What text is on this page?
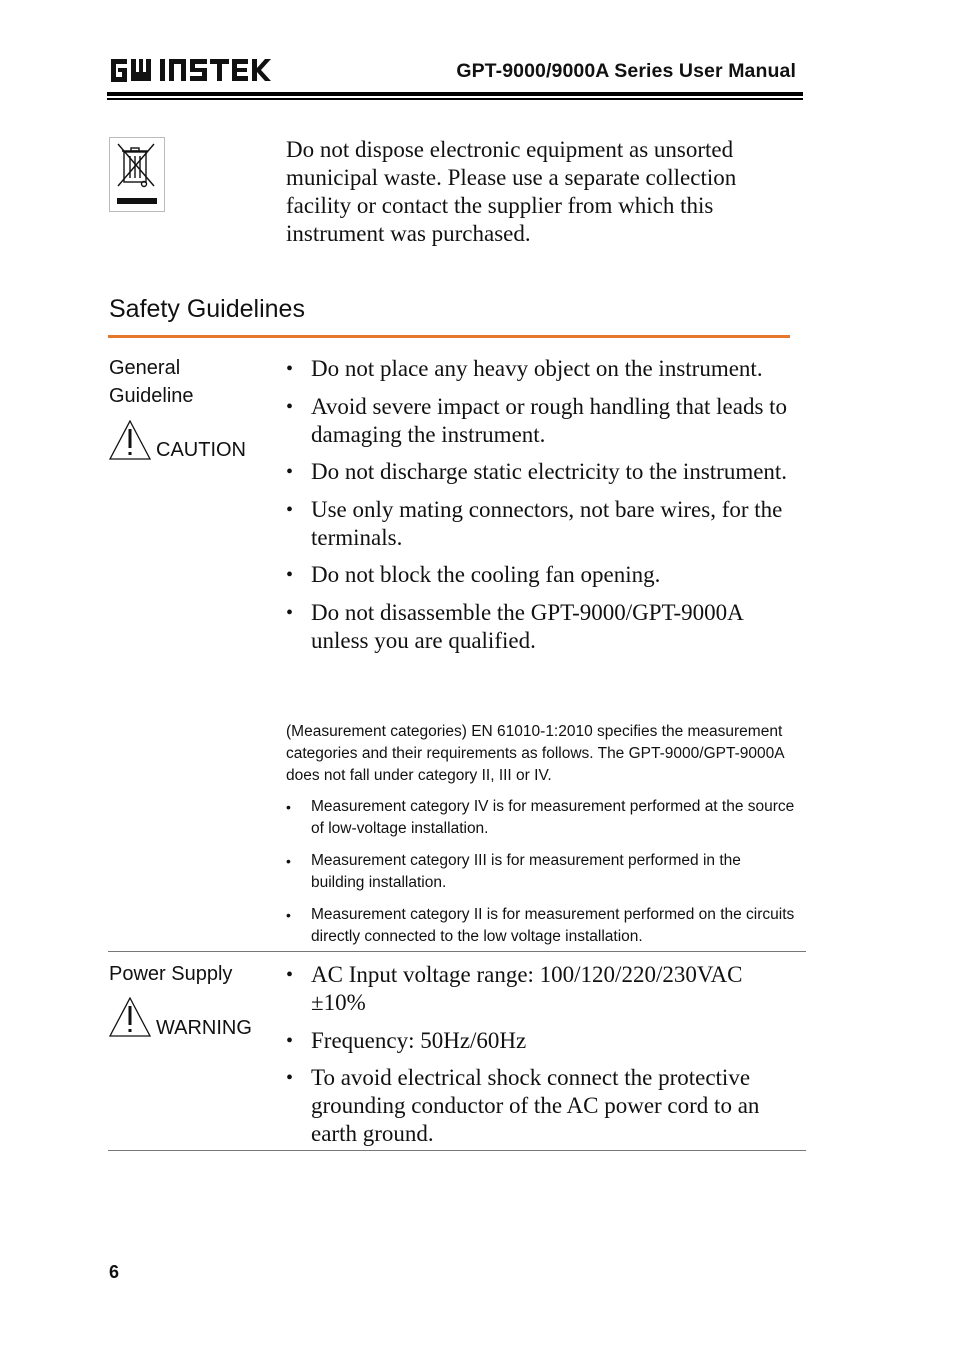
GW INSTEK
GPT-9000/9000A Series User Manual
Do not dispose electronic equipment as unsorted municipal waste. Please use a separate collection facility or contact the supplier from which this instrument was purchased.
Safety Guidelines
General Guideline
CAUTION
• Do not place any heavy object on the instrument.
• Avoid severe impact or rough handling that leads to damaging the instrument.
• Do not discharge static electricity to the instrument.
• Use only mating connectors, not bare wires, for the terminals.
• Do not block the cooling fan opening.
• Do not disassemble the GPT-9000/GPT-9000A unless you are qualified.
(Measurement categories) EN 61010-1:2010 specifies the measurement categories and their requirements as follows. The GPT-9000/GPT-9000A does not fall under category II, III or IV.
• Measurement category IV is for measurement performed at the source of low-voltage installation.
• Measurement category III is for measurement performed in the building installation.
• Measurement category II is for measurement performed on the circuits directly connected to the low voltage installation.
Power Supply
WARNING
• AC Input voltage range: 100/120/220/230VAC ±10%
• Frequency: 50Hz/60Hz
• To avoid electrical shock connect the protective grounding conductor of the AC power cord to an earth ground.
6
